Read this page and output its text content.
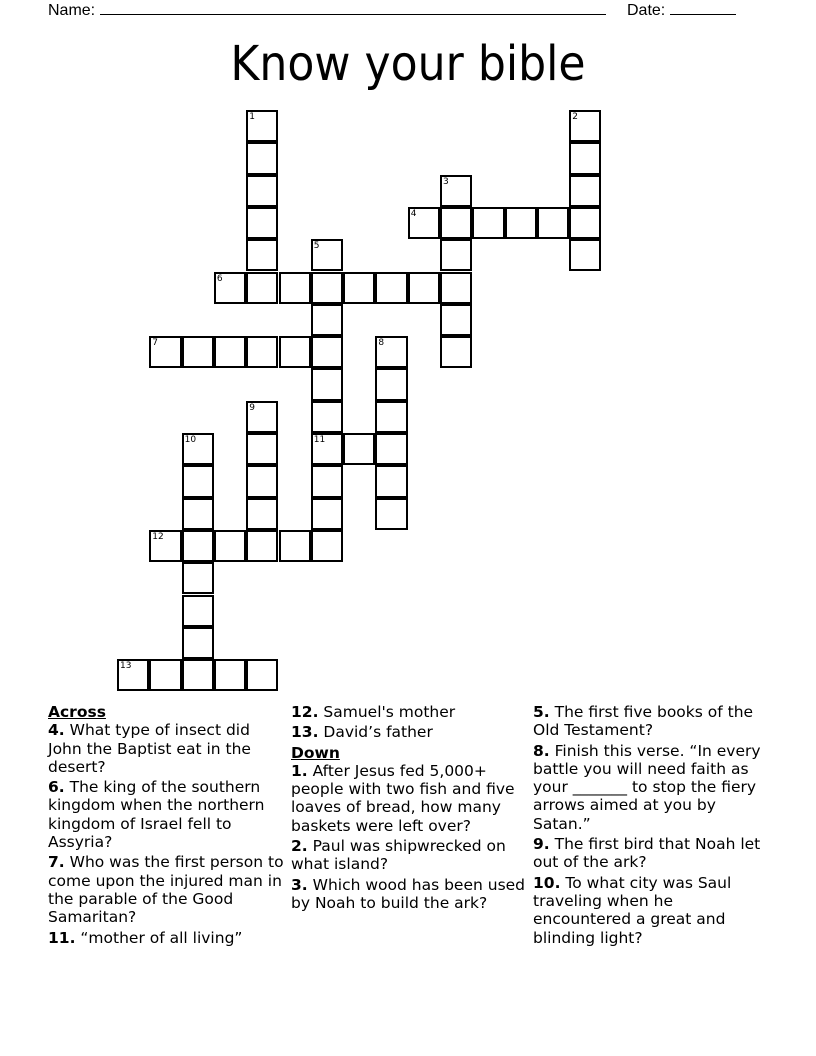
Name:	Date:
Know your bible
1	2
3
4
5
11
6
7	8
9
10
12
13
Across
4. What type of insect did John the Baptist eat in the desert?
6. The king of the southern kingdom when the northern kingdom of Israel fell to Assyria?
7. Who was the first person to come upon the injured man in the parable of the Good Samaritan?
11. “mother of all living”
12. Samuel's mother
13. David’s father
Down
1. After Jesus fed 5,000+ people with two fish and five loaves of bread, how many baskets were left over?
2. Paul was shipwrecked on what island?
3. Which wood has been used by Noah to build the ark?
5. The first five books of the Old Testament?
8. Finish this verse. “In every battle you will need faith as your _______ to stop the fiery arrows aimed at you by Satan.”
9. The first bird that Noah let out of the ark?
10. To what city was Saul traveling when he encountered a great and blinding light?
